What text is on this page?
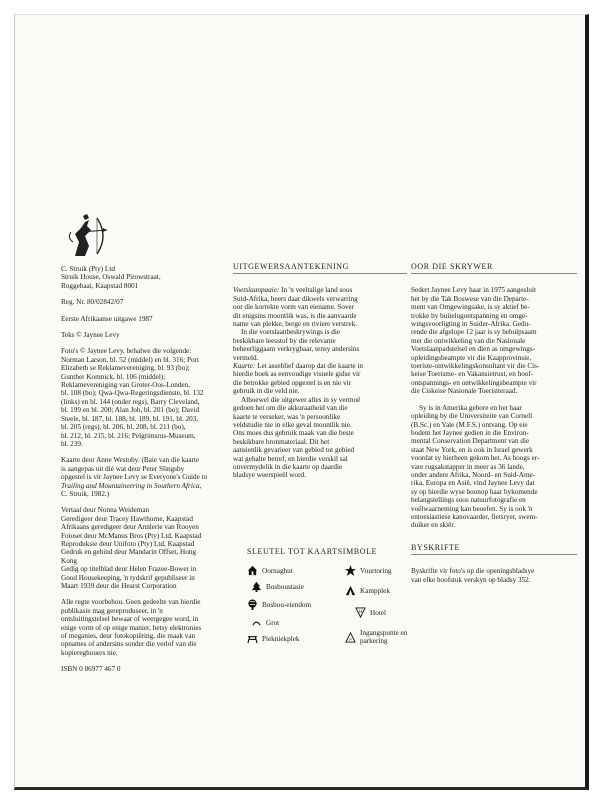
C. Struik (Pty) Ltd
Struik House, Oswald Pirowstraat,
Roggebaai, Kaapstad 8001

Reg. Nr. 80/02842/07

Eerste Afrikaanse uitgawe 1987

Teks © Jaynee Levy

Foto's © Jaynee Levy, behalwe die volgende:
Norman Larson, bl. 52 (middel) en bl. 316; Port
Elizabeth se Reklamevereniging, bl. 93 (bo);
Gunther Komnick, bl. 106 (middel);
Reklamevereniging van Groter-Oos-Londen,
bl. 108 (bo); Qwa-Qwa-Regeringsdienste, bl. 132
(links) en bl. 144 (onder regs), Barry Cleveland,
bl. 199 en bl. 200; Alan Job, bl. 201 (bo); David
Steele, bl. 187, bl. 188, bl. 189, bl. 191, bl. 203,
bl. 205 (regs), bl. 206, bl. 208, bl. 211 (bo),
bl. 212, bl. 215, bl. 216; Pelgrimsrus-Museum,
bl. 239.

Kaarte deur Anne Westoby. (Baie van die kaarte
is aangepas uit dié wat deur Peter Slingsby
opgestel is vir Jaynee Levy se Everyone's Guide to
Trailing and Mountaineering in Southern Africa,
C. Struik, 1982.)

Vertaal deur Nonna Weideman
Geredigeer deur Tracey Hawthorne, Kaapstad
Afrikaans geredigeer deur Annlerie van Rooyen
Fotoset deur McManus Bros (Pty) Ltd, Kaapstad
Reproduksie deur Unifoto (Pty) Ltd, Kaapstad
Gedruk en gebind deur Mandarin Offset, Hong
Kong
Gedig op titelblad deur Helen Frazee-Bower in
Good Housekeeping, 'n tydskrif gepubliseer in
Maart 1939 deur die Hearst Corporation

Alle regte voorbehou. Geen gedeelte van hierdie
publikasie mag gereproduseer, in 'n
ontsluitingstelsel bewaar of weergegee word, in
enige vorm of op enige manier, hetsy elektronies
of meganies, deur fotokopiëring, die maak van
opnames of andersins sonder die verlof van die
kopiereghouers nie.

ISBN 0 86977 467 0

UITGEWERSAANTEKENING

Voetslaanpaaie: In 'n veeltalige land soos
Suid-Afrika, heers daar dikwels verwarring
oor die korrekte vorm van eiename. Sover
dit enigsins moontlik was, is die aanvaarde
name van plekke, berge en riviere verstrek.

In die voetslaanbeskrywings is die
beskikbare leesstof by die relevante
beheerliggaam verkrygbaar, tensy andersins
vermeld.

Kaarte: Let asseblief daarop dat die kaarte in
hierdie boek as eenvoudige visuele gidse vir
die betrokke gebied opgestel is en nie vir
gebruik in die veld nie.

Alhoewel die uitgewer alles in sy vermoë
gedoen het om die akkuraatheid van die
kaarte te verseker, was 'n persoonlike
veldstudie nie in elke geval moontlik nie.
Ons moes dus gebruik maak van die beste
beskikbare bronmateriaal. Dit het
aansienlik gevarieer van gebied tot gebied
wat gehalte betref, en hierdie verskil sal
onvermydelik in die kaarte op daardie
bladsye weerspieël word.

SLEUTEL TOT KAARTSIMBOLE
Oornaghut	Vuurtoring
Bosboustasie	Kampplek
Bosbou-eiendom
H Hotel
Grot
Piekniekplek	P
Ingangspunte en parkering
OOR DIE SKRYWER

Sedert Jaynee Levy haar in 1975 aangesluit
het by die Tak Boswese van die Departe-
ment van Omgewingsake, is sy aktief be-
trokke by buitelugontspanning en omge-
wingsvoorligting in Suider-Afrika. Gedu-
rende die afgelope 12 jaar is sy behulpsaam
met die ontwikkeling van die Nasionale
Voetslaanpadstelsel en dien as omgewings-
opleidingsbeampte vir die Kaapprovinsie,
toeriste-ontwikkelingskonsultant vir die Cis-
keise Toerisme- en Vakansietrust, en hoof-
ontspannings- en ontwikkelingsbeampte vir
die Ciskeise Nasionale Toerisiteraad.

Sy is in Amerika gebore en het haar
opleiding by die Universiteite van Cornell
(B.Sc.) en Yale (M.F.S.) ontvang. Op eie
bodem het Jaynee gedien in die Environ-
mental Conservation Department van die
staat New York, en is ook in Israel gewerk
voordat sy hierheen gekom het. As hoogs er-
vare rugsakstapper in meer as 36 lande,
onder andere Afrika, Noord- en Suid-Ame-
rika, Europa en Asië, vind Jaynee Levy dat
sy op hierdie wyse boonop haar bykomende
belangstellings soos natuurfotografie en
voëlwaarneming kan beoefen. Sy is ook 'n
entoesiastiese kanovaarder, fietsryer, swem-
duiker en skiër.

BYSKRIFTE

Byskrifte vir foto's op die openingsbladsye
van elke hoofstuk verskyn op bladsy 352.
